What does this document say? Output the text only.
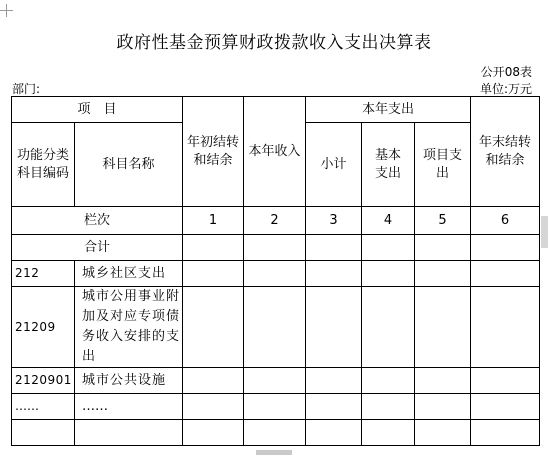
政府性基金预算财政拨款收入支出决算表
公开08表
部门:	单位:万元
项　目		年初结转和结余	本年收入	本年支出			年末结转和结余
功能分类科目编码	科目名称			小计	基本支出	项目支出	
栏次		1	2	3	4	5	6
合计							
212	城乡社区支出						
21209	城市公用事业附加及对应专项债务收入安排的支出						
2120901	城市公共设施						
……	……						
